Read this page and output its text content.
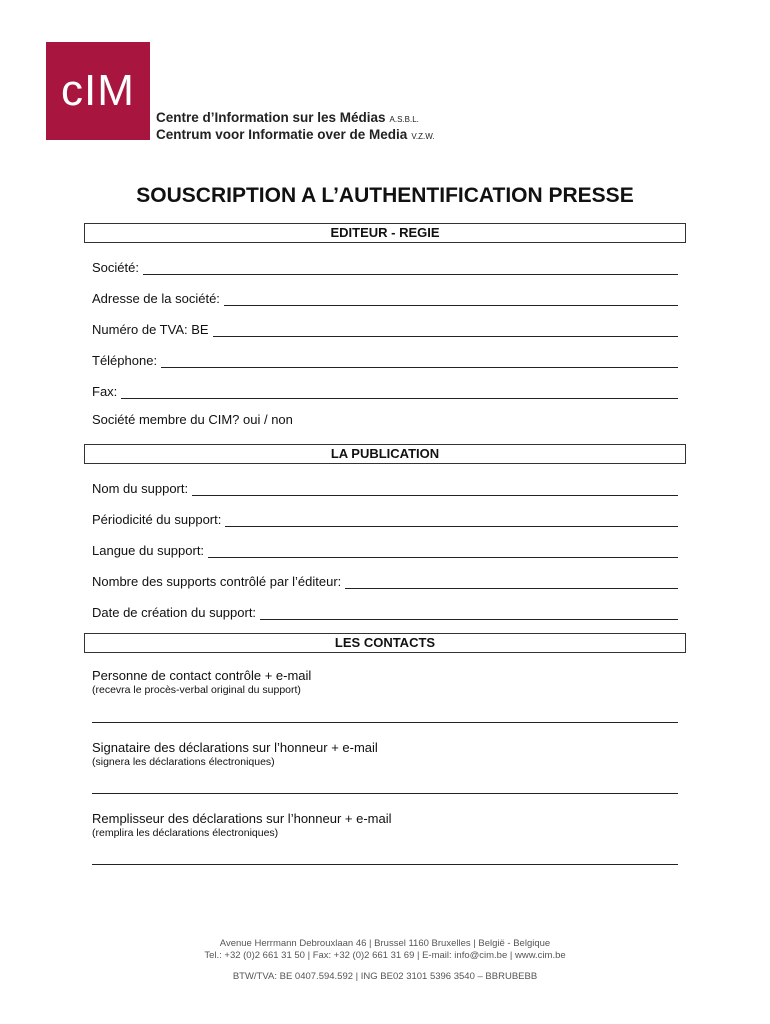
cIM
Centre d’Information sur les Médias A.S.B.L.
Centrum voor Informatie over de Media V.Z.W.
SOUSCRIPTION A L’AUTHENTIFICATION PRESSE
EDITEUR - REGIE
Société:
Adresse de la société:
Numéro de TVA: BE
Téléphone:
Fax:
Société membre du CIM? oui / non
LA PUBLICATION
Nom du support:
Périodicité du support:
Langue du support:
Nombre des supports contrôlé par l’éditeur:
Date de création du support:
LES CONTACTS
Personne de contact contrôle + e-mail
(recevra le procès-verbal original du support)
Signataire des déclarations sur l’honneur + e-mail
(signera les déclarations électroniques)
Remplisseur des déclarations sur l’honneur + e-mail
(remplira les déclarations électroniques)
Avenue Herrmann Debrouxlaan 46 | Brussel 1160 Bruxelles | België - Belgique
Tel.: +32 (0)2 661 31 50 | Fax: +32 (0)2 661 31 69 | E-mail: info@cim.be | www.cim.be
BTW/TVA: BE 0407.594.592 | ING BE02 3101 5396 3540 – BBRUBEBB
